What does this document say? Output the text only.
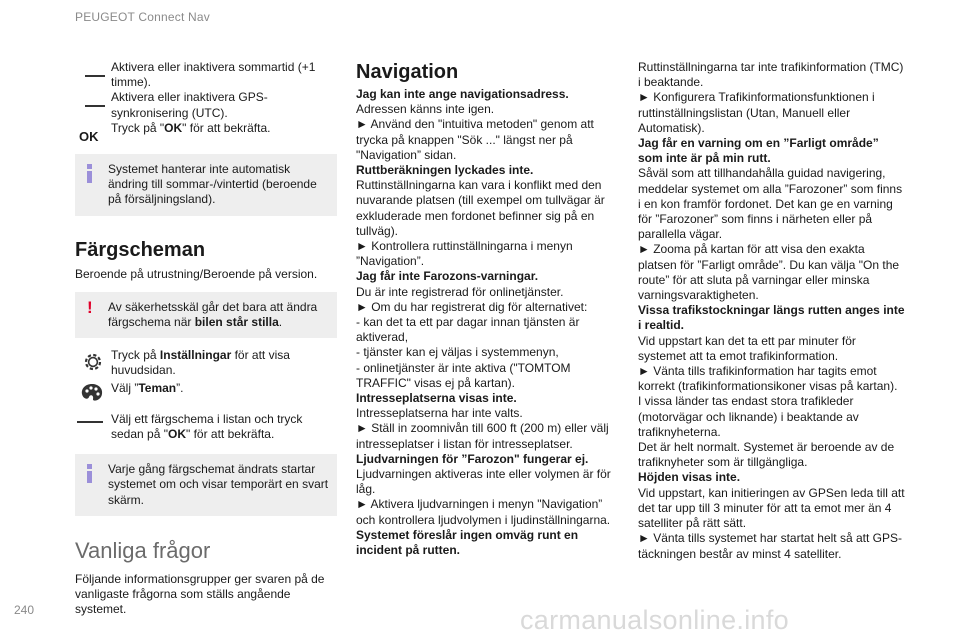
PEUGEOT Connect Nav

Aktivera eller inaktivera sommartid (+1 timme).

Aktivera eller inaktivera GPS-synkronisering (UTC).

OK

Tryck på "OK" för att bekräfta.

Systemet hanterar inte automatisk ändring till sommar-/vintertid (beroende på försäljningsland).

Färgscheman

Beroende på utrustning/Beroende på version.

! Av säkerhetsskäl går det bara att ändra färgschema när bilen står stilla.

Tryck på Inställningar för att visa huvudsidan.

Välj ”Teman”.

Välj ett färgschema i listan och tryck sedan på "OK" för att bekräfta.

Varje gång färgschemat ändrats startar systemet om och visar temporärt en svart skärm.

Vanliga frågor

Följande informationsgrupper ger svaren på de vanligaste frågorna som ställs angående systemet.

Navigation

Jag kan inte ange navigationsadress.

Adressen känns inte igen.

► Använd den "intuitiva metoden" genom att trycka på knappen "Sök ..." längst ner på "Navigation” sidan.

Ruttberäkningen lyckades inte.

Ruttinställningarna kan vara i konflikt med den nuvarande platsen (till exempel om tullvägar är exkluderade men fordonet befinner sig på en tullväg).

► Kontrollera ruttinställningarna i menyn ”Navigation”.

Jag får inte Farozons-varningar.

Du är inte registrerad för onlinetjänster.

► Om du har registrerat dig för alternativet:

- kan det ta ett par dagar innan tjänsten är aktiverad,

- tjänster kan ej väljas i systemmenyn,

- onlinetjänster är inte aktiva ("TOMTOM TRAFFIC" visas ej på kartan).

Intresseplatserna visas inte.

Intresseplatserna har inte valts.

► Ställ in zoomnivån till 600 ft (200 m) eller välj intresseplatser i listan för intresseplatser.

Ljudvarningen för ”Farozon" fungerar ej.

Ljudvarningen aktiveras inte eller volymen är för låg.

► Aktivera ljudvarningen i menyn "Navigation” och kontrollera ljudvolymen i ljudinställningarna.

Systemet föreslår ingen omväg runt en incident på rutten.

Ruttinställningarna tar inte trafikinformation (TMC) i beaktande.

► Konfigurera Trafikinformationsfunktionen i ruttinställningslistan (Utan, Manuell eller Automatisk).

Jag får en varning om en ”Farligt område” som inte är på min rutt.

Såväl som att tillhandahålla guidad navigering, meddelar systemet om alla ”Farozoner” som finns i en kon framför fordonet. Det kan ge en varning för ”Farozoner” som finns i närheten eller på parallella vägar.

► Zooma på kartan för att visa den exakta platsen för ”Farligt område”. Du kan välja "On the route” för att sluta på varningar eller minska varningsvaraktigheten.

Vissa trafikstockningar längs rutten anges inte i realtid.

Vid uppstart kan det ta ett par minuter för systemet att ta emot trafikinformation.

► Vänta tills trafikinformation har tagits emot korrekt (trafikinformationsikoner visas på kartan).

I vissa länder tas endast stora trafikleder (motorvägar och liknande) i beaktande av trafiknyheterna.

Det är helt normalt. Systemet är beroende av de trafiknyheter som är tillgängliga.

Höjden visas inte.

Vid uppstart, kan initieringen av GPSen leda till att det tar upp till 3 minuter för att ta emot mer än 4 satelliter på rätt sätt.

► Vänta tills systemet har startat helt så att GPS-täckningen består av minst 4 satelliter.

240	carmanualsonline.info
